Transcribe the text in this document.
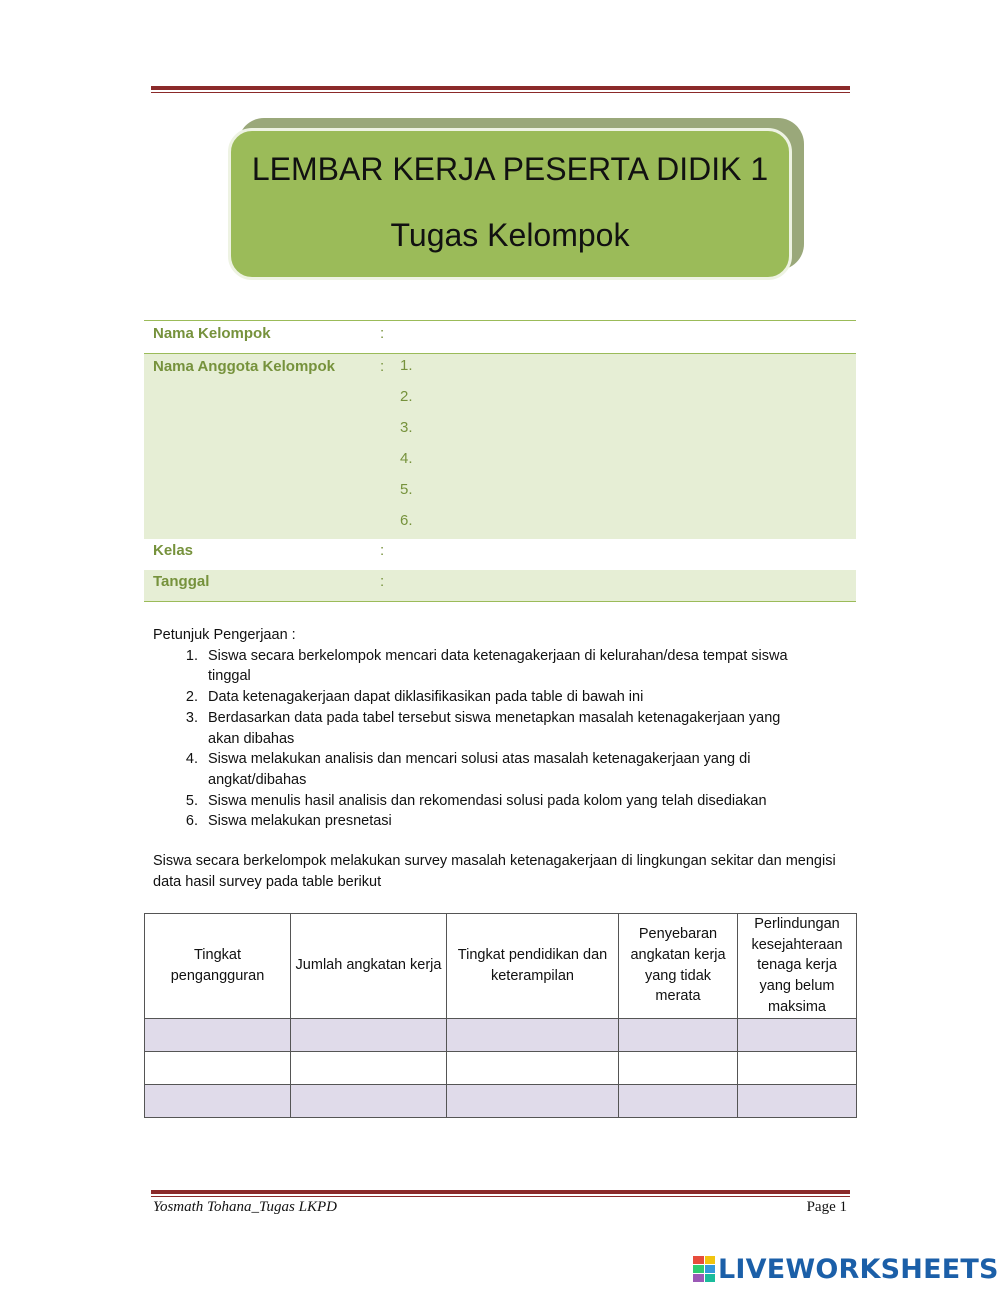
LEMBAR KERJA PESERTA DIDIK 1
Tugas Kelompok
Nama Kelompok	:
Nama Anggota Kelompok	:	1.
2.
3.
4.
5.
6.
Kelas	:
Tanggal	:
Petunjuk Pengerjaan :
1. Siswa secara berkelompok mencari data ketenagakerjaan di kelurahan/desa tempat siswa tinggal
2. Data ketenagakerjaan dapat diklasifikasikan pada table di bawah ini
3. Berdasarkan data pada tabel tersebut siswa menetapkan masalah ketenagakerjaan yang akan dibahas
4. Siswa melakukan analisis dan mencari solusi atas masalah ketenagakerjaan yang di angkat/dibahas
5. Siswa menulis hasil analisis dan rekomendasi solusi pada kolom yang telah disediakan
6. Siswa melakukan presnetasi
Siswa secara berkelompok melakukan survey masalah ketenagakerjaan di lingkungan sekitar dan mengisi data hasil survey pada table berikut
Tingkat pengangguran	Jumlah angkatan kerja	Tingkat pendidikan dan keterampilan	Penyebaran angkatan kerja yang tidak merata	Perlindungan kesejahteraan tenaga kerja yang belum maksima

Yosmath Tohana_Tugas LKPD	Page 1
LIVEWORKSHEETS
